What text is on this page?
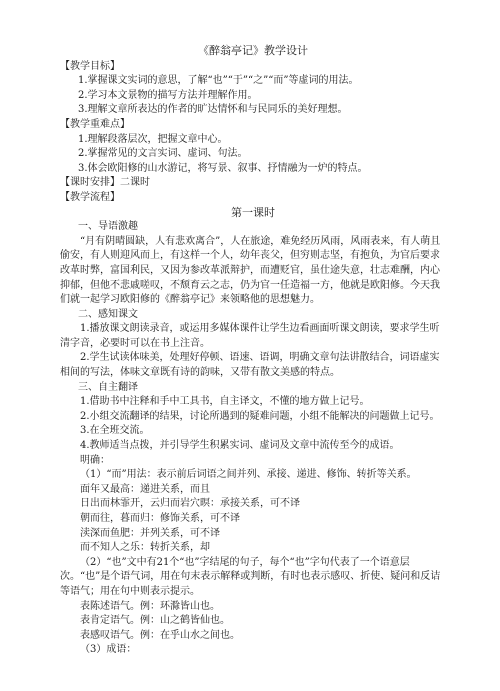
《醉翁亭记》教学设计
【教学目标】
1.掌握课文实词的意思，了解“也”“于”“之”“而”等虚词的用法。
2.学习本文景物的描写方法并理解作用。
3.理解文章所表达的作者的旷达情怀和与民同乐的美好理想。
【教学重难点】
1.理解段落层次，把握文章中心。
2.掌握常见的文言实词、虚词、句法。
3.体会欧阳修的山水游记，将写景、叙事、抒情融为一炉的特点。
【课时安排】二课时
【教学流程】
第一课时
一、导语激趣
“月有阴晴圆缺，人有悲欢离合”，人在旅途，难免经历风雨，风雨表来，有人萌且偷安，有人则迎风而上，有这样一个人，幼年丧父，但穷则志坚，有抱负，为官后要求改革时弊，富国利民，又因为参改革派辩护，而遭贬官，虽仕途失意，壮志难酬，内心抑郁，但他不悲戚嗟叹，不颓育云之志，仍为官一任造福一方，他就是欧阳修。今天我们就一起学习欧阳修的《醉翁亭记》来领略他的思想魅力。
二、感知课文
1.播放课文朗读录音，或运用多媒体课件让学生边看画面听课文朗读，要求学生听清字音，必要时可以在书上注音。
2.学生试读体味美，处理好停顿、语速、语调，明确文章句法讲散结合，词语虚实相间的写法，体味文章既有诗的韵味，又带有散文美感的特点。
三、自主翻译
1.借助书中注释和手中工具书，自主译文，不懂的地方做上记号。
2.小组交流翻译的结果，讨论所遇到的疑难问题，小组不能解决的问题做上记号。
3.在全班交流。
4.教师适当点拨，并引导学生积累实词、虚词及文章中流传至今的成语。
明确：
（1）“而”用法：表示前后词语之间并列、承接、递进、修饰、转折等关系。
面年又最高：递进关系，而且
日出而林霏开，云归而岩穴暝：承接关系，可不译
朝而往，暮而归：修饰关系，可不译
渎深而鱼肥：并列关系，可不译
而不知人之乐：转折关系，却
（2）“也”文中有21个“也”字结尾的句子，每个“也”字句代表了一个语意层次。“也”是个语气词，用在句末表示解释或判断，有时也表示感叹、折使、疑问和反诘等语气；用在句中则表示提示。
表陈述语气。例：环滁皆山也。
表肯定语气。例：山之鹤皆仙也。
表感叹语气。例：在乎山水之间也。
（3）成语：
